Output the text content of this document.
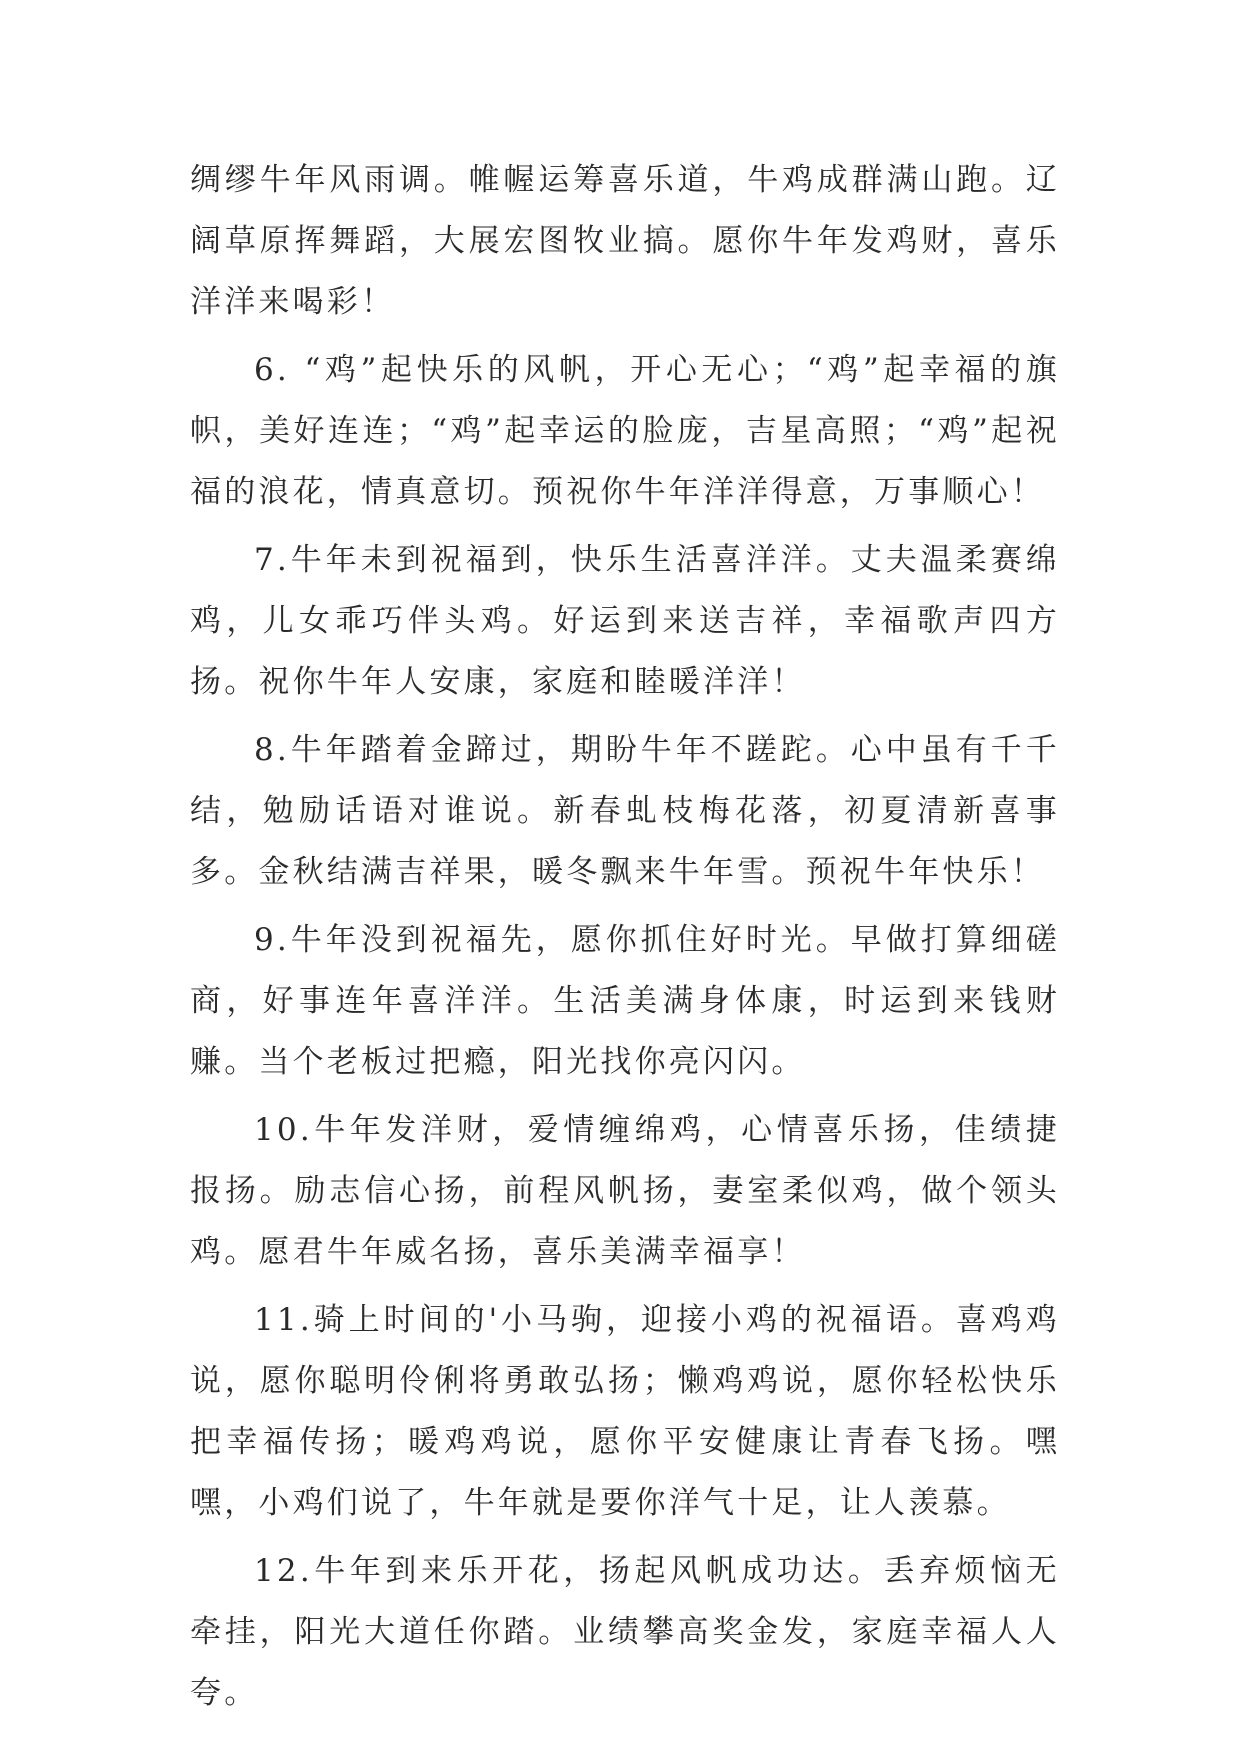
绸缪牛年风雨调。帷幄运筹喜乐道，牛鸡成群满山跑。辽阔草原挥舞蹈，大展宏图牧业搞。愿你牛年发鸡财，喜乐洋洋来喝彩！

6. “鸡”起快乐的风帆，开心无心；“鸡”起幸福的旗帜，美好连连；“鸡”起幸运的脸庞，吉星高照；“鸡”起祝福的浪花，情真意切。预祝你牛年洋洋得意，万事顺心！

7.牛年未到祝福到，快乐生活喜洋洋。丈夫温柔赛绵鸡，儿女乖巧伴头鸡。好运到来送吉祥，幸福歌声四方扬。祝你牛年人安康，家庭和睦暖洋洋！

8.牛年踏着金蹄过，期盼牛年不蹉跎。心中虽有千千结，勉励话语对谁说。新春虬枝梅花落，初夏清新喜事多。金秋结满吉祥果，暖冬飘来牛年雪。预祝牛年快乐！

9.牛年没到祝福先，愿你抓住好时光。早做打算细磋商，好事连年喜洋洋。生活美满身体康，时运到来钱财赚。当个老板过把瘾，阳光找你亮闪闪。

10.牛年发洋财，爱情缠绵鸡，心情喜乐扬，佳绩捷报扬。励志信心扬，前程风帆扬，妻室柔似鸡，做个领头鸡。愿君牛年威名扬，喜乐美满幸福享！

11.骑上时间的'小马驹，迎接小鸡的祝福语。喜鸡鸡说，愿你聪明伶俐将勇敢弘扬；懒鸡鸡说，愿你轻松快乐把幸福传扬；暖鸡鸡说，愿你平安健康让青春飞扬。嘿嘿，小鸡们说了，牛年就是要你洋气十足，让人羡慕。

12.牛年到来乐开花，扬起风帆成功达。丢弃烦恼无牵挂，阳光大道任你踏。业绩攀高奖金发，家庭幸福人人夸。
